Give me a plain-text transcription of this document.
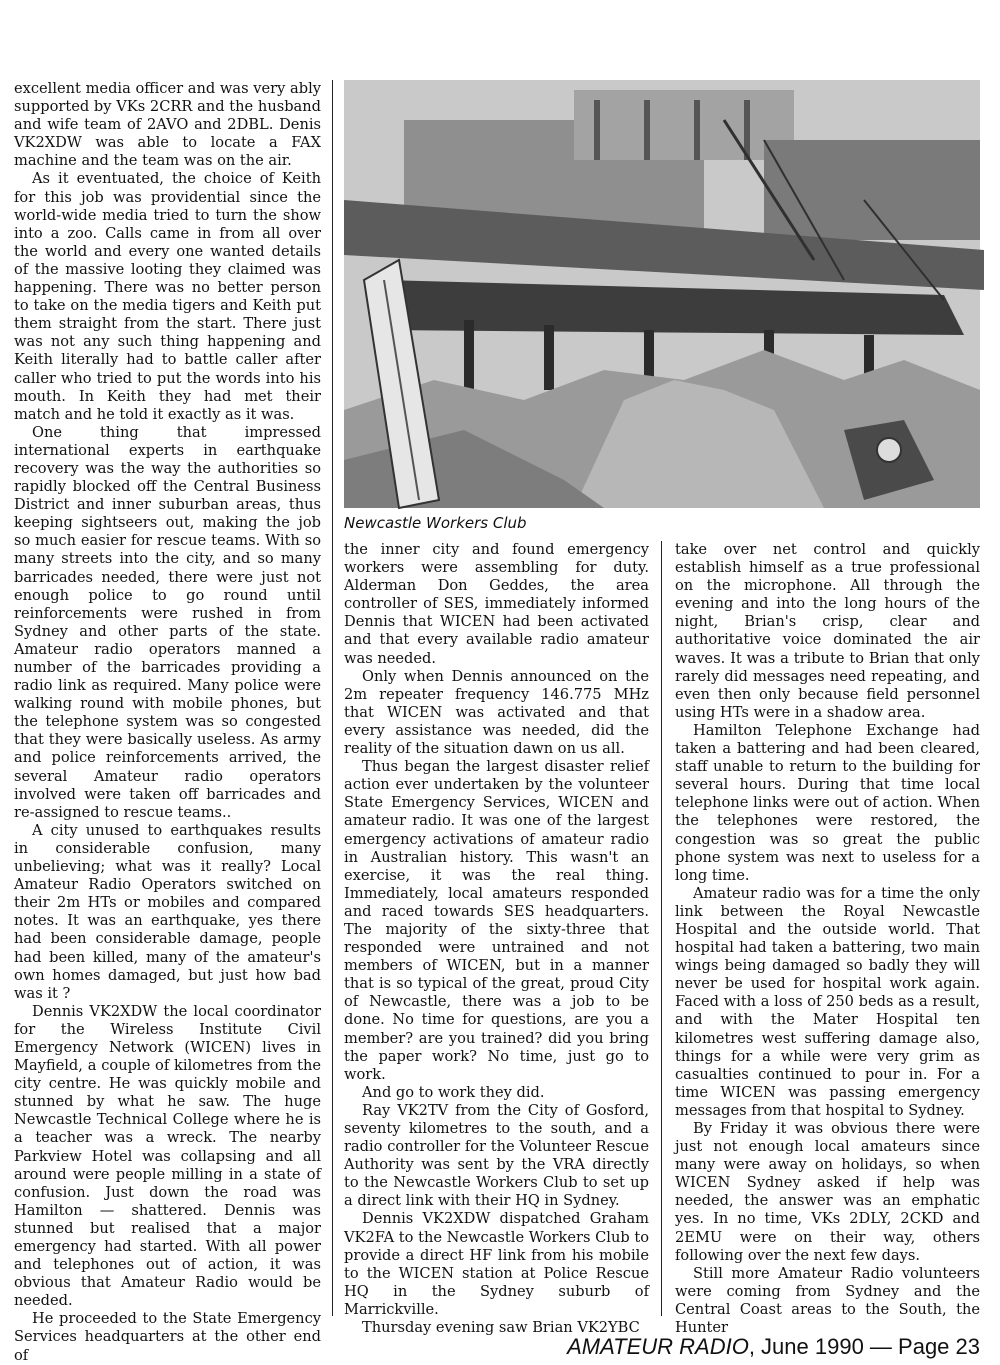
excellent media officer and was very ably supported by VKs 2CRR and the husband and wife team of 2AVO and 2DBL. Denis VK2XDW was able to locate a FAX machine and the team was on the air.

As it eventuated, the choice of Keith for this job was providential since the world-wide media tried to turn the show into a zoo. Calls came in from all over the world and every one wanted details of the massive looting they claimed was happening. There was no better person to take on the media tigers and Keith put them straight from the start. There just was not any such thing happening and Keith literally had to battle caller after caller who tried to put the words into his mouth. In Keith they had met their match and he told it exactly as it was.

One thing that impressed international experts in earthquake recovery was the way the authorities so rapidly blocked off the Central Business District and inner suburban areas, thus keeping sightseers out, making the job so much easier for rescue teams. With so many streets into the city, and so many barricades needed, there were just not enough police to go round until reinforcements were rushed in from Sydney and other parts of the state. Amateur radio operators manned a number of the barricades providing a radio link as required. Many police were walking round with mobile phones, but the telephone system was so congested that they were basically useless. As army and police reinforcements arrived, the several Amateur radio operators involved were taken off barricades and re-assigned to rescue teams..

A city unused to earthquakes results in considerable confusion, many unbelieving; what was it really? Local Amateur Radio Operators switched on their 2m HTs or mobiles and compared notes. It was an earthquake, yes there had been considerable damage, people had been killed, many of the amateur's own homes damaged, but just how bad was it ?

Dennis VK2XDW the local coordinator for the Wireless Institute Civil Emergency Network (WICEN) lives in Mayfield, a couple of kilometres from the city centre. He was quickly mobile and stunned by what he saw. The huge Newcastle Technical College where he is a teacher was a wreck. The nearby Parkview Hotel was collapsing and all around were people milling in a state of confusion. Just down the road was Hamilton — shattered. Dennis was stunned but realised that a major emergency had started. With all power and telephones out of action, it was obvious that Amateur Radio would be needed.

He proceeded to the State Emergency Services headquarters at the other end of

Newcastle Workers Club

the inner city and found emergency workers were assembling for duty. Alderman Don Geddes, the area controller of SES, immediately informed Dennis that WICEN had been activated and that every available radio amateur was needed.

Only when Dennis announced on the 2m repeater frequency 146.775 MHz that WICEN was activated and that every assistance was needed, did the reality of the situation dawn on us all.

Thus began the largest disaster relief action ever undertaken by the volunteer State Emergency Services, WICEN and amateur radio. It was one of the largest emergency activations of amateur radio in Australian history. This wasn't an exercise, it was the real thing. Immediately, local amateurs responded and raced towards SES headquarters. The majority of the sixty-three that responded were untrained and not members of WICEN, but in a manner that is so typical of the great, proud City of Newcastle, there was a job to be done. No time for questions, are you a member? are you trained? did you bring the paper work? No time, just go to work.

And go to work they did.

Ray VK2TV from the City of Gosford, seventy kilometres to the south, and a radio controller for the Volunteer Rescue Authority was sent by the VRA directly to the Newcastle Workers Club to set up a direct link with their HQ in Sydney.

Dennis VK2XDW dispatched Graham VK2FA to the Newcastle Workers Club to provide a direct HF link from his mobile to the WICEN station at Police Rescue HQ in the Sydney suburb of Marrickville.

Thursday evening saw Brian VK2YBC

take over net control and quickly establish himself as a true professional on the microphone. All through the evening and into the long hours of the night, Brian's crisp, clear and authoritative voice dominated the air waves. It was a tribute to Brian that only rarely did messages need repeating, and even then only because field personnel using HTs were in a shadow area.

Hamilton Telephone Exchange had taken a battering and had been cleared, staff unable to return to the building for several hours. During that time local telephone links were out of action. When the telephones were restored, the congestion was so great the public phone system was next to useless for a long time.

Amateur radio was for a time the only link between the Royal Newcastle Hospital and the outside world. That hospital had taken a battering, two main wings being damaged so badly they will never be used for hospital work again. Faced with a loss of 250 beds as a result, and with the Mater Hospital ten kilometres west suffering damage also, things for a while were very grim as casualties continued to pour in. For a time WICEN was passing emergency messages from that hospital to Sydney.

By Friday it was obvious there were just not enough local amateurs since many were away on holidays, so when WICEN Sydney asked if help was needed, the answer was an emphatic yes. In no time, VKs 2DLY, 2CKD and 2EMU were on their way, others following over the next few days.

Still more Amateur Radio volunteers were coming from Sydney and the Central Coast areas to the South, the Hunter

AMATEUR RADIO, June 1990 — Page 23
